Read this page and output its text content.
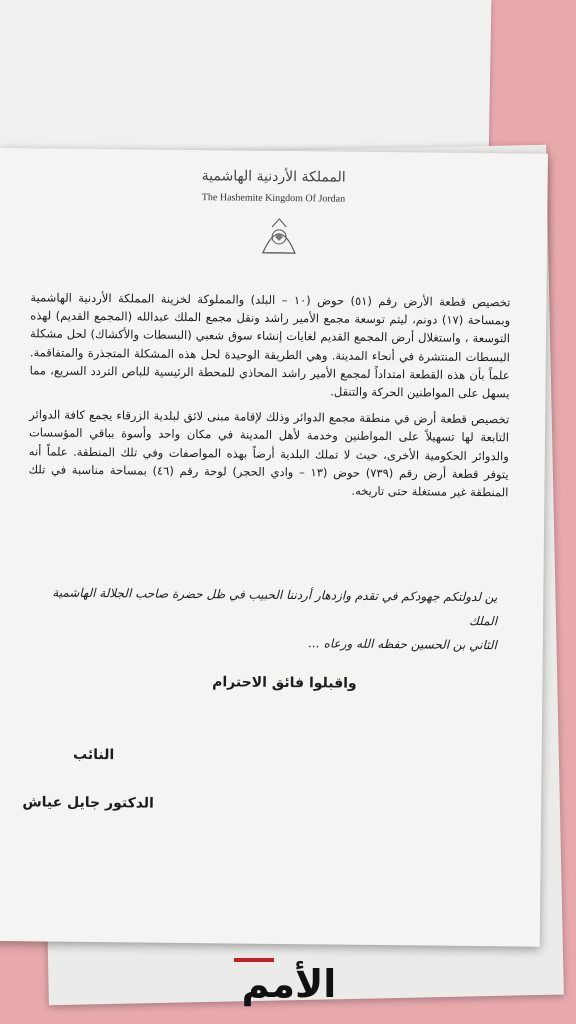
المملكة الأردنية الهاشمية
The Hashemite Kingdom Of Jordan

تخصيص قطعة الأرض رقم (٥١) حوض (١٠ – البلد) والمملوكة لخزينة المملكة الأردنية الهاشمية وبمساحة (١٧) دونم، ليتم توسعة مجمع الأمير راشد ونقل مجمع الملك عبدالله (المجمع القديم) لهذه التوسعة ، واستغلال أرض المجمع القديم لغايات إنشاء سوق شعبي (البسطات والأكشاك) لحل مشكلة البسطات المنتشرة في أنحاء المدينة. وهي الطريقة الوحيدة لحل هذه المشكلة المتجذرة والمتفاقمة. علماً بأن هذه القطعة امتداداً لمجمع الأمير راشد المحاذي للمحطة الرئيسية للباص التردد السريع، مما يسهل على المواطنين الحركة والتنقل.

تخصيص قطعة أرض في منطقة مجمع الدوائر وذلك لإقامة مبنى لائق لبلدية الزرقاء يجمع كافة الدوائر التابعة لها تسهيلاً على المواطنين وخدمة لأهل المدينة في مكان واحد وأسوة بباقي المؤسسات والدوائر الحكومية الأخرى، حيث لا تملك البلدية أرضاً بهذه المواصفات وفي تلك المنطقة. علماً أنه يتوفر قطعة أرض رقم (٧٣٩) حوض (١٣ – وادي الحجر) لوحة رقم (٤٦) بمساحة مناسبة في تلك المنطقة غير مستغلة حتى تاريخه.

ين لدولتكم جهودكم في تقدم وازدهار أردننا الحبيب في ظل حضرة صاحب الجلالة الهاشمية الملك
الثاني بن الحسين حفظه الله ورعاه ...
واقبلوا فائق الاحترام
النائب
الدكتور جايل عياش
الأمم
